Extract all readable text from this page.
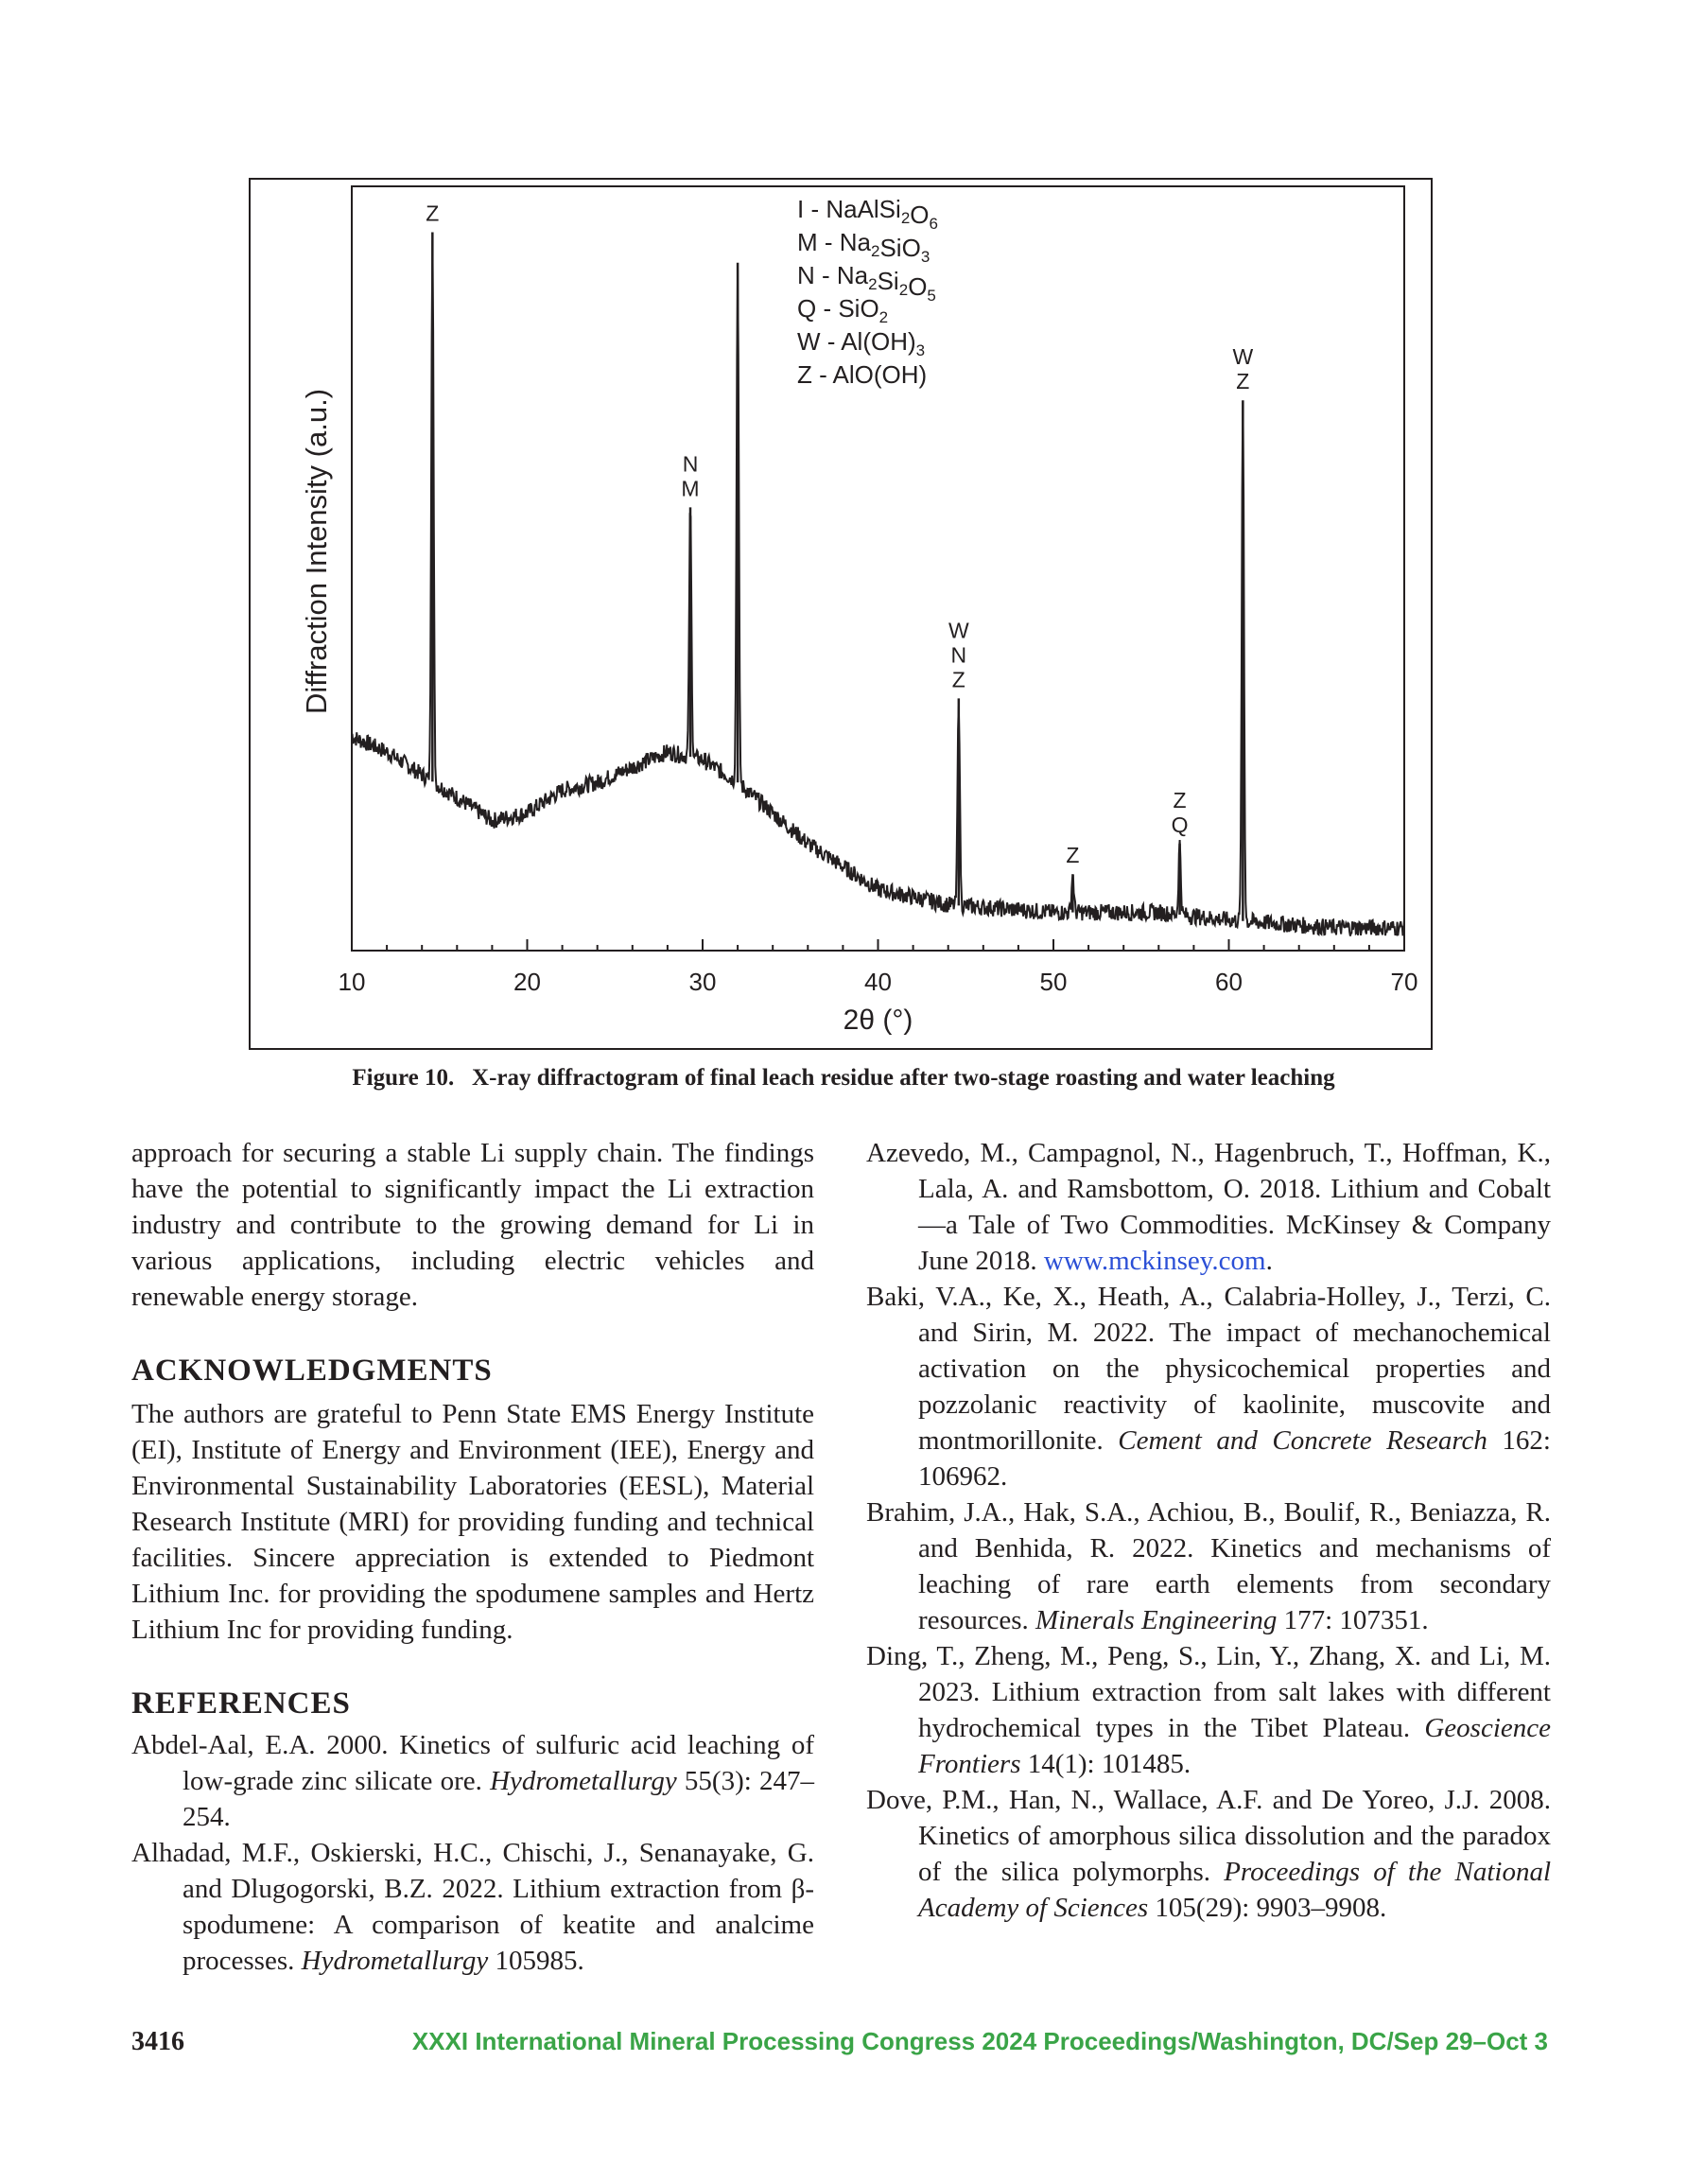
10	20	30	40	50	60	70
2θ (°)
Diffraction Intensity (a.u.)
Z
N
M
W
N
Z
Z
Z
Q
W
Z
I - $NaAlSi_2O_6$
M - $Na_2SiO_3$
N - $Na_2Si_2O_5$
Q - SiO$_2$
W - $Al(OH)_3$
Z - AlO(OH)
Figure 10. X-ray diffractogram of final leach residue after two-stage roasting and water leaching

approach for securing a stable Li supply chain. The findings have the potential to significantly impact the Li extraction industry and contribute to the growing demand for Li in various applications, including electric vehicles and renewable energy storage.

ACKNOWLEDGMENTS

The authors are grateful to Penn State EMS Energy Institute (EI), Institute of Energy and Environment (IEE), Energy and Environmental Sustainability Laboratories (EESL), Material Research Institute (MRI) for providing funding and technical facilities. Sincere appreciation is extended to Piedmont Lithium Inc. for providing the spodumene samples and Hertz Lithium Inc for providing funding.

REFERENCES

Abdel-Aal, E.A. 2000. Kinetics of sulfuric acid leaching of low-grade zinc silicate ore. Hydrometallurgy 55(3): 247–254.

Alhadad, M.F., Oskierski, H.C., Chischi, J., Senanayake, G. and Dlugogorski, B.Z. 2022. Lithium extraction from β-spodumene: A comparison of keatite and analcime processes. Hydrometallurgy 105985.

Azevedo, M., Campagnol, N., Hagenbruch, T., Hoffman, K., Lala, A. and Ramsbottom, O. 2018. Lithium and Cobalt—a Tale of Two Commodities. McKinsey & Company June 2018. www.mckinsey.com.

Baki, V.A., Ke, X., Heath, A., Calabria-Holley, J., Terzi, C. and Sirin, M. 2022. The impact of mechanochemical activation on the physicochemical properties and pozzolanic reactivity of kaolinite, muscovite and montmorillonite. Cement and Concrete Research 162: 106962.

Brahim, J.A., Hak, S.A., Achiou, B., Boulif, R., Beniazza, R. and Benhida, R. 2022. Kinetics and mechanisms of leaching of rare earth elements from secondary resources. Minerals Engineering 177: 107351.

Ding, T., Zheng, M., Peng, S., Lin, Y., Zhang, X. and Li, M. 2023. Lithium extraction from salt lakes with different hydrochemical types in the Tibet Plateau. Geoscience Frontiers 14(1): 101485.

Dove, P.M., Han, N., Wallace, A.F. and De Yoreo, J.J. 2008. Kinetics of amorphous silica dissolution and the paradox of the silica polymorphs. Proceedings of the National Academy of Sciences 105(29): 9903–9908.

3416	XXXI International Mineral Processing Congress 2024 Proceedings/Washington, DC/Sep 29–Oct 3
